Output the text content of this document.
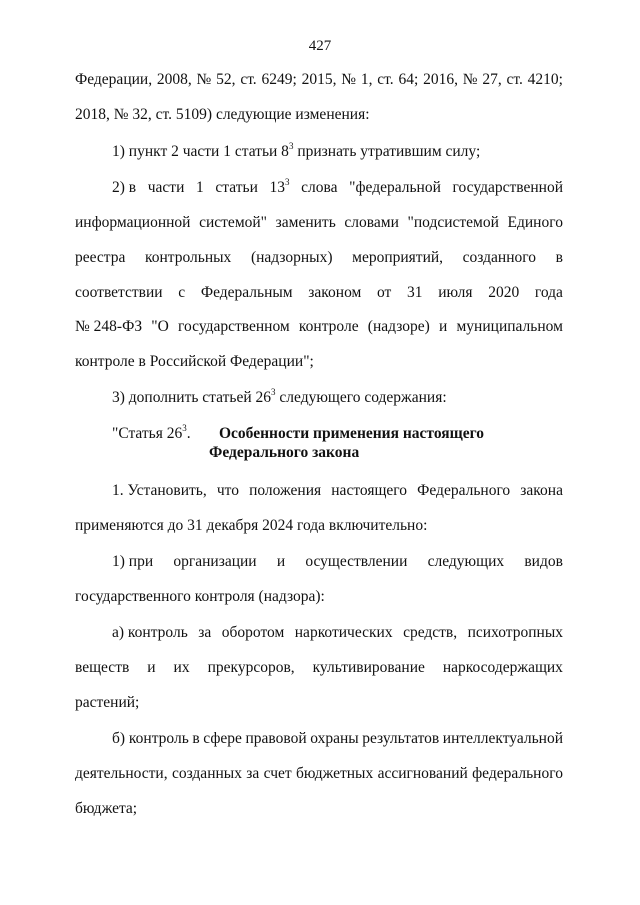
427
Федерации, 2008, № 52, ст. 6249; 2015, № 1, ст. 64; 2016, № 27, ст. 4210;
2018, № 32, ст. 5109) следующие изменения:
1) пункт 2 части 1 статьи $8^3$ признать утратившим силу;
2) в части 1 статьи $13^3$ слова "федеральной государственной
информационной системой" заменить словами "подсистемой Единого
реестра контрольных (надзорных) мероприятий, созданного в
соответствии с Федеральным законом от 31 июля 2020 года
№ 248-ФЗ "О государственном контроле (надзоре) и муниципальном
контроле в Российской Федерации";
3) дополнить статьей $26^3$ следующего содержания:
"Статья $26^3$. Особенности применения настоящего
Федерального закона
1. Установить, что положения настоящего Федерального закона
применяются до 31 декабря 2024 года включительно:
1) при организации и осуществлении следующих видов
государственного контроля (надзора):
а) контроль за оборотом наркотических средств, психотропных
веществ и их прекурсоров, культивирование наркосодержащих
растений;
б) контроль в сфере правовой охраны результатов интеллектуальной
деятельности, созданных за счет бюджетных ассигнований федерального
бюджета;
